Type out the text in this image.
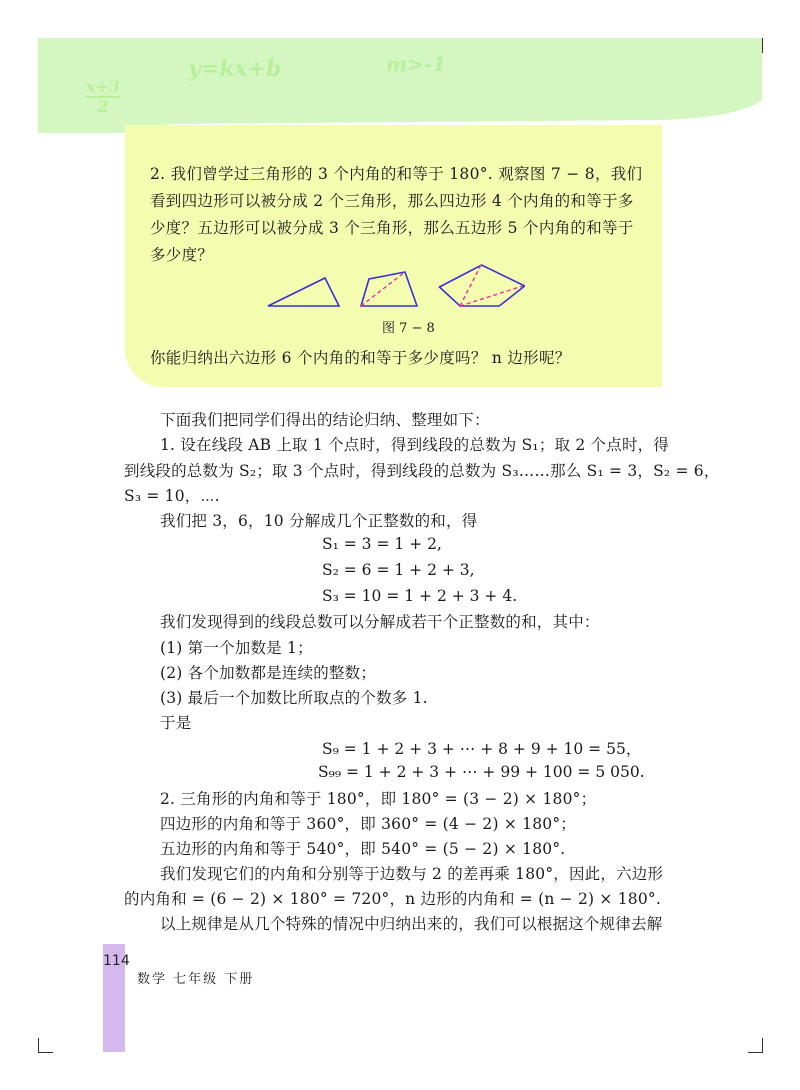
x+3
2
y=kx+b	m>-1
2. 我们曾学过三角形的 3 个内角的和等于 180°. 观察图 7 − 8，我们
看到四边形可以被分成 2 个三角形，那么四边形 4 个内角的和等于多
少度？五边形可以被分成 3 个三角形，那么五边形 5 个内角的和等于
多少度？
图 7 − 8
你能归纳出六边形 6 个内角的和等于多少度吗？ n 边形呢？
下面我们把同学们得出的结论归纳、整理如下：
1. 设在线段 AB 上取 1 个点时，得到线段的总数为 S₁；取 2 个点时，得
到线段的总数为 S₂；取 3 个点时，得到线段的总数为 S₃……那么 S₁ = 3，S₂ = 6，
S₃ = 10，⋯.
我们把 3，6，10 分解成几个正整数的和，得
S₁ = 3 = 1 + 2,
S₂ = 6 = 1 + 2 + 3,
S₃ = 10 = 1 + 2 + 3 + 4.
我们发现得到的线段总数可以分解成若干个正整数的和，其中：
(1) 第一个加数是 1；
(2) 各个加数都是连续的整数；
(3) 最后一个加数比所取点的个数多 1.
于是
S₉ = 1 + 2 + 3 + ⋯ + 8 + 9 + 10 = 55，
S₉₉ = 1 + 2 + 3 + ⋯ + 99 + 100 = 5 050.
2. 三角形的内角和等于 180°，即 180° = (3 − 2) × 180°；
四边形的内角和等于 360°，即 360° = (4 − 2) × 180°；
五边形的内角和等于 540°，即 540° = (5 − 2) × 180°.
我们发现它们的内角和分别等于边数与 2 的差再乘 180°，因此，六边形
的内角和 = (6 − 2) × 180° = 720°，n 边形的内角和 = (n − 2) × 180°.
以上规律是从几个特殊的情况中归纳出来的，我们可以根据这个规律去解
114
数学 七年级 下册
